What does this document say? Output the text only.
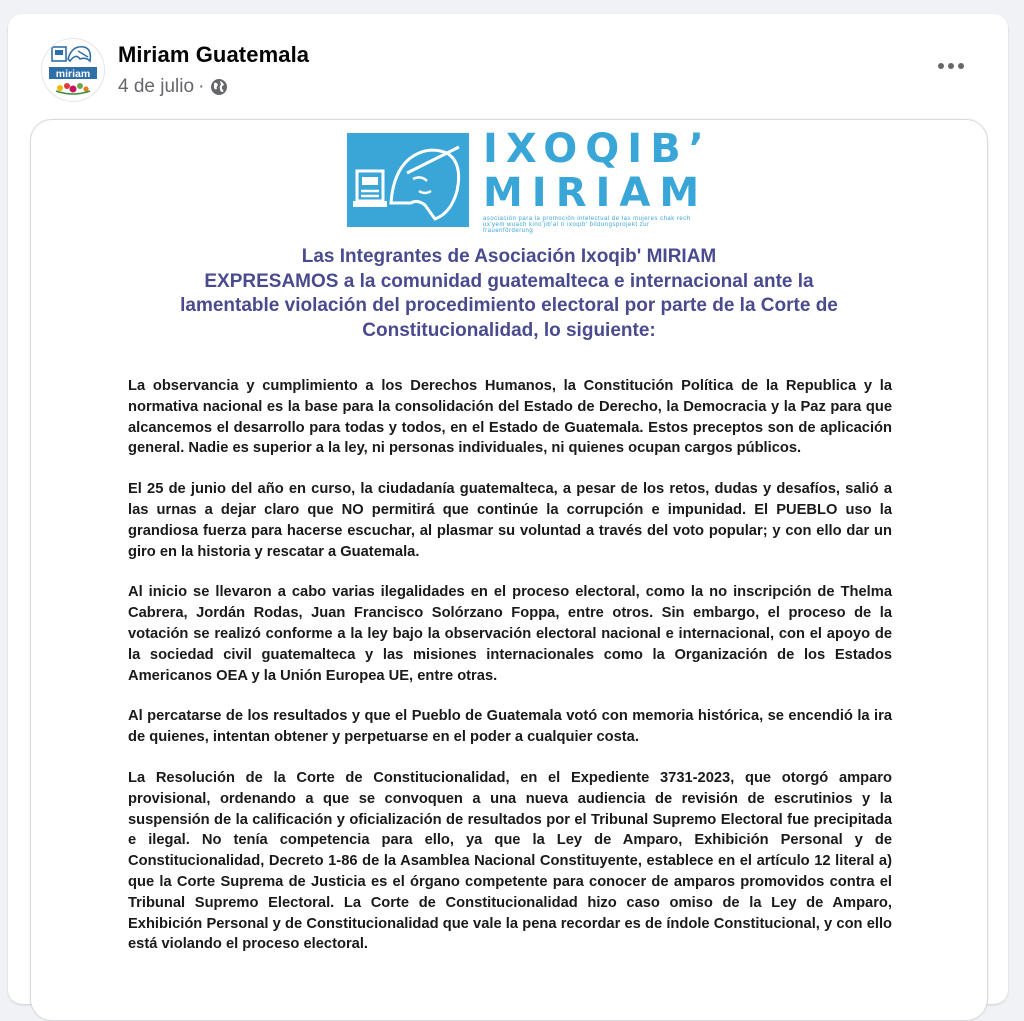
miriam
Miriam Guatemala
4 de julio ·
IXOQIB’
MIRIAM
asociación para la promoción intelectual de las mujeres chak rech ux'yem wuach kino'jib'al ri ixoqib' bildungsprojekt zur frauenförderung
Las Integrantes de Asociación Ixoqib' MIRIAM
EXPRESAMOS a la comunidad guatemalteca e internacional ante la
lamentable violación del procedimiento electoral por parte de la Corte de
Constitucionalidad, lo siguiente:

La observancia y cumplimiento a los Derechos Humanos, la Constitución Política de la Republica y la normativa nacional es la base para la consolidación del Estado de Derecho, la Democracia y la Paz para que alcancemos el desarrollo para todas y todos, en el Estado de Guatemala. Estos preceptos son de aplicación general. Nadie es superior a la ley, ni personas individuales, ni quienes ocupan cargos públicos.

El 25 de junio del año en curso, la ciudadanía guatemalteca, a pesar de los retos, dudas y desafíos, salió a las urnas a dejar claro que NO permitirá que continúe la corrupción e impunidad. El PUEBLO uso la grandiosa fuerza para hacerse escuchar, al plasmar su voluntad a través del voto popular; y con ello dar un giro en la historia y rescatar a Guatemala.

Al inicio se llevaron a cabo varias ilegalidades en el proceso electoral, como la no inscripción de Thelma Cabrera, Jordán Rodas, Juan Francisco Solórzano Foppa, entre otros. Sin embargo, el proceso de la votación se realizó conforme a la ley bajo la observación electoral nacional e internacional, con el apoyo de la sociedad civil guatemalteca y las misiones internacionales como la Organización de los Estados Americanos OEA y la Unión Europea UE, entre otras.

Al percatarse de los resultados y que el Pueblo de Guatemala votó con memoria histórica, se encendió la ira de quienes, intentan obtener y perpetuarse en el poder a cualquier costa.

La Resolución de la Corte de Constitucionalidad, en el Expediente 3731-2023, que otorgó amparo provisional, ordenando a que se convoquen a una nueva audiencia de revisión de escrutinios y la suspensión de la calificación y oficialización de resultados por el Tribunal Supremo Electoral fue precipitada e ilegal. No tenía competencia para ello, ya que la Ley de Amparo, Exhibición Personal y de Constitucionalidad, Decreto 1-86 de la Asamblea Nacional Constituyente, establece en el artículo 12 literal a) que la Corte Suprema de Justicia es el órgano competente para conocer de amparos promovidos contra el Tribunal Supremo Electoral. La Corte de Constitucionalidad hizo caso omiso de la Ley de Amparo, Exhibición Personal y de Constitucionalidad que vale la pena recordar es de índole Constitucional, y con ello está violando el proceso electoral.
